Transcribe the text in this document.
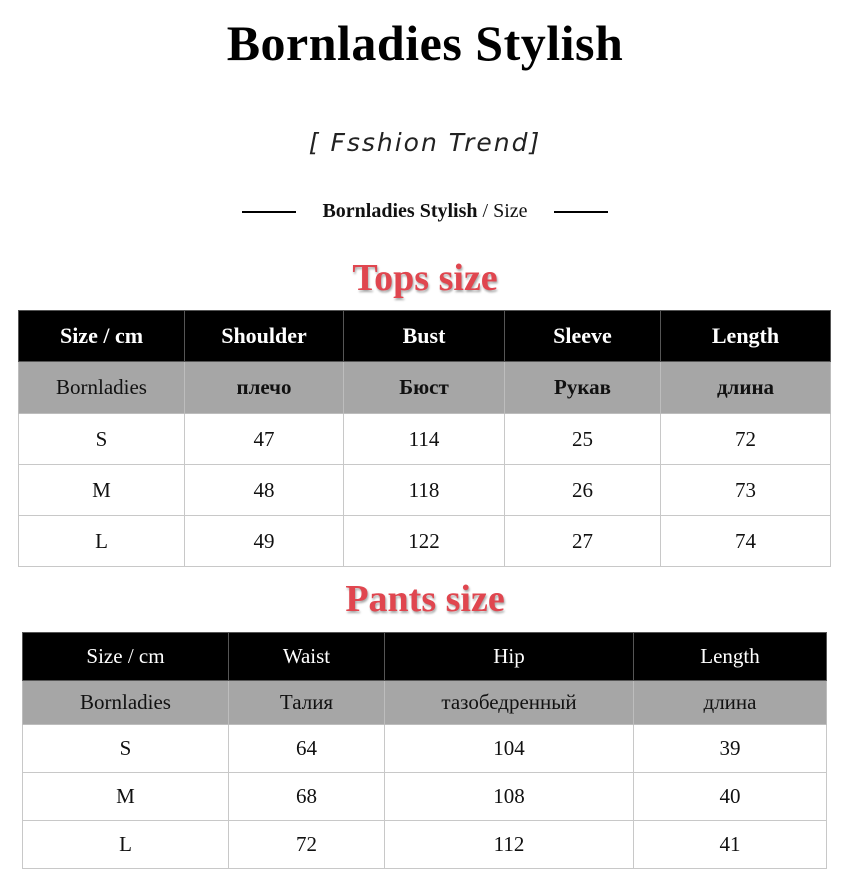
Bornladies Stylish
[ Fsshion Trend]
Bornladies Stylish / Size
Tops size
Size / cm	Shoulder	Bust	Sleeve	Length
Bornladies	плечо	Бюст	Рукав	длина
S	47	114	25	72
M	48	118	26	73
L	49	122	27	74
Pants size
Size / cm	Waist	Hip	Length
Bornladies	Талия	тазобедренный	длина
S	64	104	39
M	68	108	40
L	72	112	41
